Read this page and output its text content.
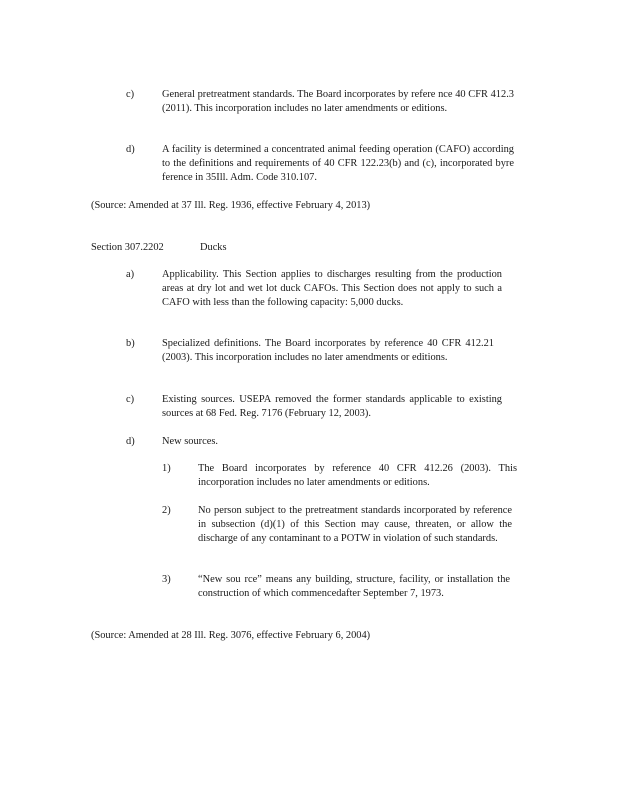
c)	General pretreatment standards. The Board incorporates by refere nce 40 CFR 412.3 (2011). This incorporation includes no later amendments or editions.
d)	A facility is determined a concentrated animal feeding operation (CAFO) according to the definitions and requirements of 40 CFR 122.23(b) and (c), incorporated byre ference in 35Ill. Adm. Code 310.107.
(Source: Amended at 37 Ill. Reg. 1936, effective February 4, 2013)
Section 307.2202	Ducks
a)	Applicability. This Section applies to discharges resulting from the production areas at dry lot and wet lot duck CAFOs. This Section does not apply to such a CAFO with less than the following capacity: 5,000 ducks.
b)	Specialized definitions. The Board incorporates by reference 40 CFR 412.21 (2003). This incorporation includes no later amendments or editions.
c)	Existing sources. USEPA removed the former standards applicable to existing sources at 68 Fed. Reg. 7176 (February 12, 2003).
d)	New sources.
1)	The Board incorporates by reference 40 CFR 412.26 (2003). This incorporation includes no later amendments or editions.
2)	No person subject to the pretreatment standards incorporated by reference in subsection (d)(1) of this Section may cause, threaten, or allow the discharge of any contaminant to a POTW in violation of such standards.
3)	“New sou rce” means any building, structure, facility, or installation the construction of which commencedafter September 7, 1973.
(Source: Amended at 28 Ill. Reg. 3076, effective February 6, 2004)
